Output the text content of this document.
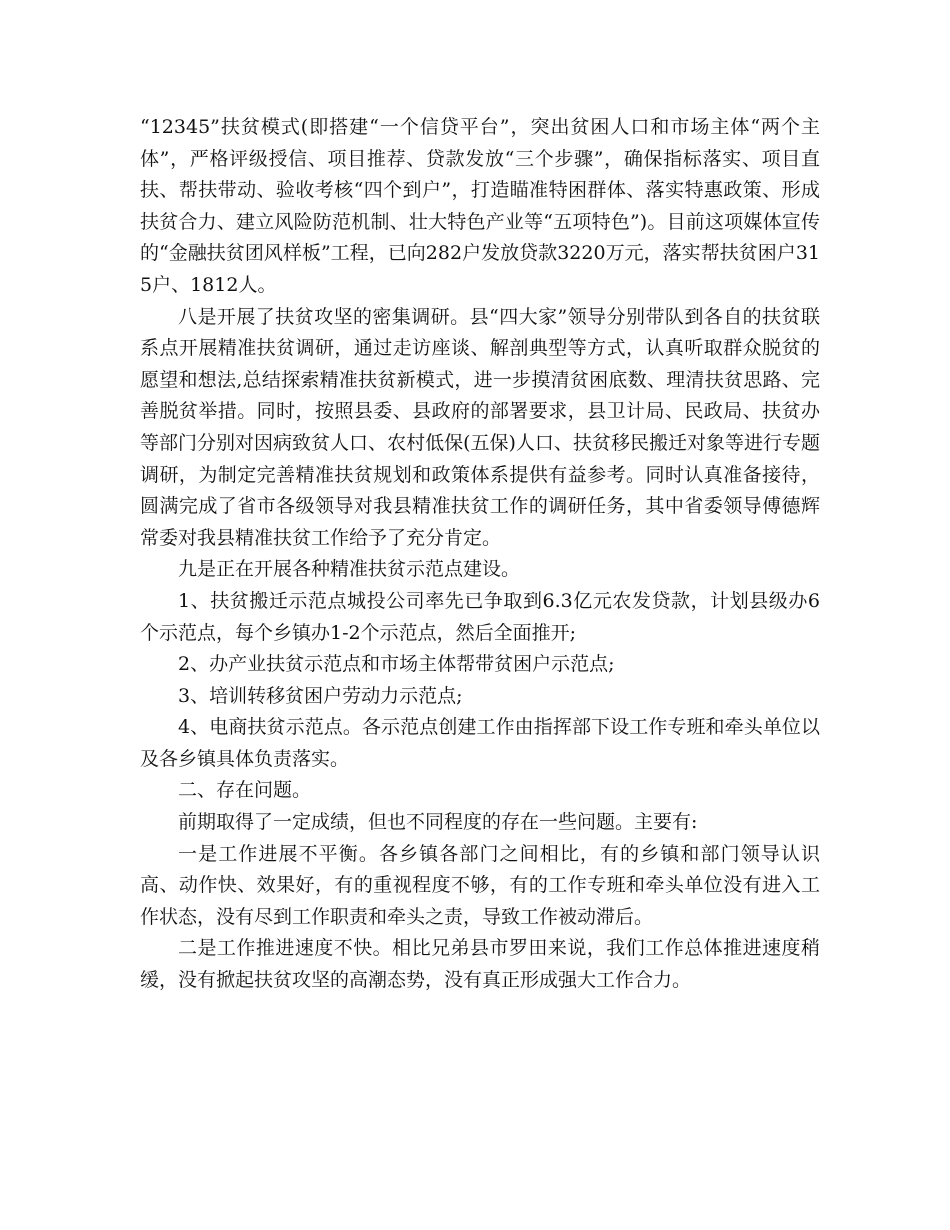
“12345”扶贫模式(即搭建“一个信贷平台”，突出贫困人口和市场主体“两个主体”，严格评级授信、项目推荐、贷款发放“三个步骤”，确保指标落实、项目直扶、帮扶带动、验收考核“四个到户”，打造瞄准特困群体、落实特惠政策、形成扶贫合力、建立风险防范机制、壮大特色产业等“五项特色”)。目前这项媒体宣传的“金融扶贫团风样板”工程，已向282户发放贷款3220万元，落实帮扶贫困户315户、1812人。

八是开展了扶贫攻坚的密集调研。县“四大家”领导分别带队到各自的扶贫联系点开展精准扶贫调研，通过走访座谈、解剖典型等方式，认真听取群众脱贫的愿望和想法,总结探索精准扶贫新模式，进一步摸清贫困底数、理清扶贫思路、完善脱贫举措。同时，按照县委、县政府的部署要求，县卫计局、民政局、扶贫办等部门分别对因病致贫人口、农村低保(五保)人口、扶贫移民搬迁对象等进行专题调研，为制定完善精准扶贫规划和政策体系提供有益参考。同时认真准备接待，圆满完成了省市各级领导对我县精准扶贫工作的调研任务，其中省委领导傅德辉常委对我县精准扶贫工作给予了充分肯定。

九是正在开展各种精准扶贫示范点建设。

1、扶贫搬迁示范点城投公司率先已争取到6.3亿元农发贷款，计划县级办6个示范点，每个乡镇办1-2个示范点，然后全面推开;

2、办产业扶贫示范点和市场主体帮带贫困户示范点;

3、培训转移贫困户劳动力示范点;

4、电商扶贫示范点。各示范点创建工作由指挥部下设工作专班和牵头单位以及各乡镇具体负责落实。

二、存在问题。

前期取得了一定成绩，但也不同程度的存在一些问题。主要有:

一是工作进展不平衡。各乡镇各部门之间相比，有的乡镇和部门领导认识高、动作快、效果好，有的重视程度不够，有的工作专班和牵头单位没有进入工作状态，没有尽到工作职责和牵头之责，导致工作被动滞后。

二是工作推进速度不快。相比兄弟县市罗田来说，我们工作总体推进速度稍缓，没有掀起扶贫攻坚的高潮态势，没有真正形成强大工作合力。
